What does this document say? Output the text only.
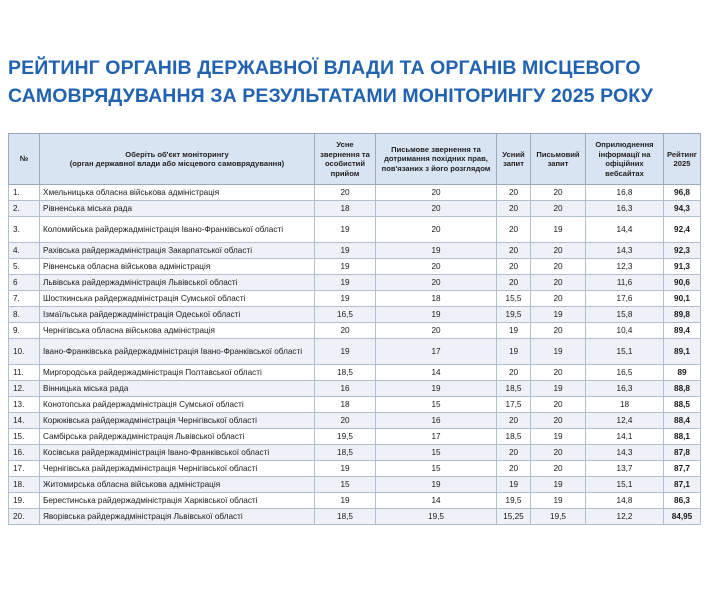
РЕЙТИНГ ОРГАНІВ ДЕРЖАВНОЇ ВЛАДИ ТА ОРГАНІВ МІСЦЕВОГО
САМОВРЯДУВАННЯ ЗА РЕЗУЛЬТАТАМИ МОНІТОРИНГУ 2025 РОКУ
№	Оберіть об'єкт моніторингу
(орган державної влади або місцевого самоврядування)	Усне звернення та особистий прийом	Письмове звернення та дотримання похідних прав, пов'язаних з його розглядом	Усний запит	Письмовий запит	Оприлюднення інформації на офіційних вебсайтах	Рейтинг 2025
1.	Хмельницька обласна військова адміністрація	20	20	20	20	16,8	96,8
2.	Рівненська міська рада	18	20	20	20	16,3	94,3
3.	Коломийська райдержадміністрація Івано-Франківської області	19	20	20	19	14,4	92,4
4.	Рахівська райдержадміністрація Закарпатської області	19	19	20	20	14,3	92,3
5.	Рівненська обласна військова адміністрація	19	20	20	20	12,3	91,3
6	Львівська райдержадміністрація Львівської області	19	20	20	20	11,6	90,6
7.	Шосткинська райдержадміністрація Сумської області	19	18	15,5	20	17,6	90,1
8.	Ізмаїльська райдержадміністрація Одеської області	16,5	19	19,5	19	15,8	89,8
9.	Чернігівська обласна військова адміністрація	20	20	19	20	10,4	89,4
10.	Івано-Франківська райдержадміністрація Івано-Франківської області	19	17	19	19	15,1	89,1
11.	Миргородська райдержадміністрація Полтавської області	18,5	14	20	20	16,5	89
12.	Вінницька міська рада	16	19	18,5	19	16,3	88,8
13.	Конотопська райдержадміністрація Сумської області	18	15	17,5	20	18	88,5
14.	Корюківська райдержадміністрація Чернігівської області	20	16	20	20	12,4	88,4
15.	Самбірська райдержадміністрація Львівської області	19,5	17	18,5	19	14,1	88,1
16.	Косівська райдержадміністрація Івано-Франківської області	18,5	15	20	20	14,3	87,8
17.	Чернігівська райдержадміністрація Чернігівської області	19	15	20	20	13,7	87,7
18.	Житомирська обласна військова адміністрація	15	19	19	19	15,1	87,1
19.	Берестинська райдержадміністрація Харківської області	19	14	19,5	19	14,8	86,3
20.	Яворівська райдержадміністрація Львівської області	18,5	19,5	15,25	19,5	12,2	84,95
